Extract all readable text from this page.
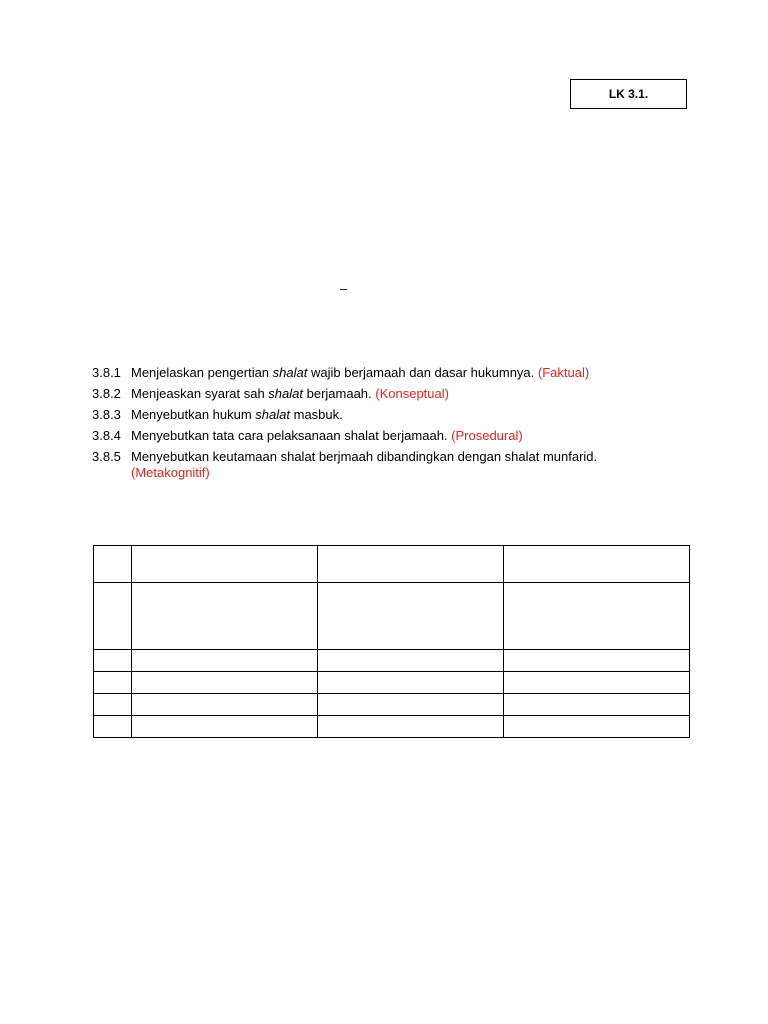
LK 3.1.
–
3.8.1 Menjelaskan pengertian shalat wajib berjamaah dan dasar hukumnya. (Faktual)
3.8.2 Menjeaskan syarat sah shalat berjamaah. (Konseptual)
3.8.3 Menyebutkan hukum shalat masbuk.
3.8.4 Menyebutkan tata cara pelaksanaan shalat berjamaah. (Prosedural)
3.8.5 Menyebutkan keutamaan shalat berjmaah dibandingkan dengan shalat munfarid.
(Metakognitif)
